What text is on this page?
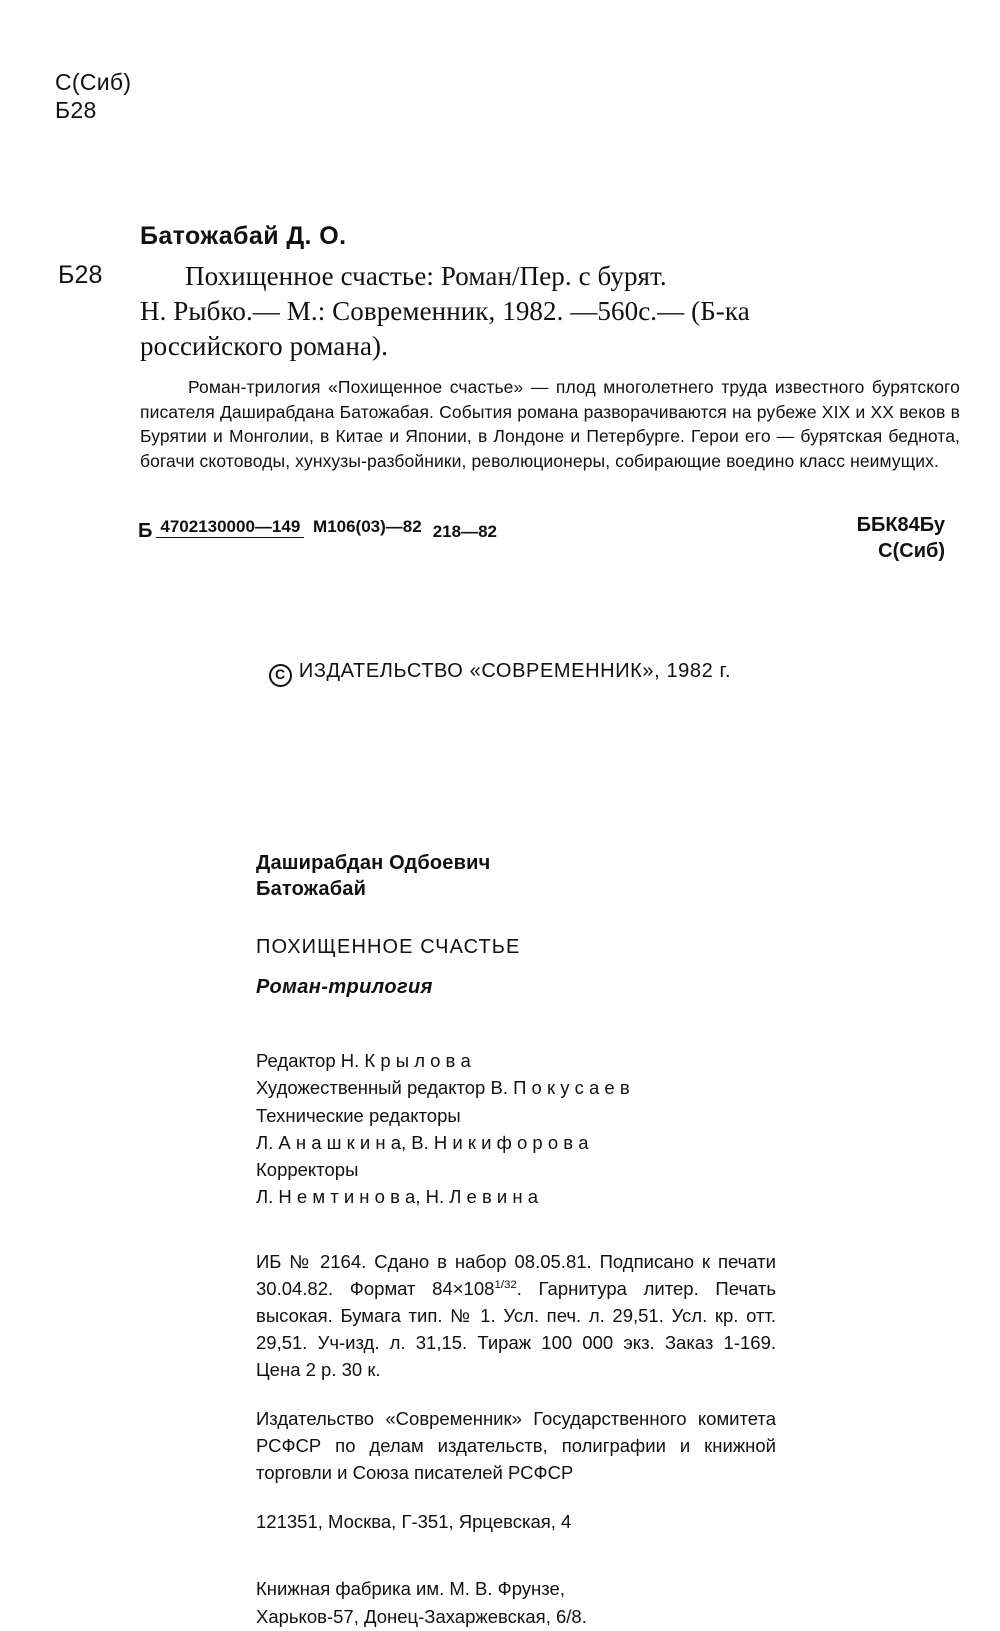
С(Сиб)
Б28
Батожабай Д. О.
Б28	Похищенное счастье: Роман/Пер. с бурят.
Н. Рыбко.— М.: Современник, 1982. —560с.— (Б-ка
российского романа).

Роман-трилогия «Похищенное счастье» — плод многолетнего труда известного бурятского писателя Даширабдана Батожабая. События романа разворачиваются на рубеже XIX и XX веков в Бурятии и Монголии, в Китае и Японии, в Лондоне и Петербурге. Герои его — бурятская беднота, богачи скотоводы, хунхузы-разбойники, революционеры, собирающие воедино класс неимущих.

Б 4702130000—149 М106(03)—82 218—82	ББК84Бу
С(Сиб)
C ИЗДАТЕЛЬСТВО «СОВРЕМЕННИК», 1982 г.
Даширабдан Одбоевич
Батожабай
ПОХИЩЕННОЕ СЧАСТЬЕ
Роман-трилогия
Редактор Н. К р ы л о в а
Художественный редактор В. П о к у с а е в
Технические редакторы
Л. А н а ш к и н а, В. Н и к и ф о р о в а
Корректоры
Л. Н е м т и н о в а, Н. Л е в и н а

ИБ № 2164. Сдано в набор 08.05.81. Подписано к печати 30.04.82. Формат $84\times 108^{1/32}$. Гарнитура литер. Печать высокая. Бумага тип. № 1. Усл. печ. л. 29,51. Усл. кр. отт. 29,51. Уч-изд. л. 31,15. Тираж 100 000 экз. Заказ 1-169. Цена 2 р. 30 к.

Издательство «Современник» Государственного комитета РСФСР по делам издательств, полиграфии и книжной торговли и Союза писателей РСФСР

121351, Москва, Г-351, Ярцевская, 4

Книжная фабрика им. М. В. Фрунзе,
Харьков-57, Донец-Захаржевская, 6/8.
